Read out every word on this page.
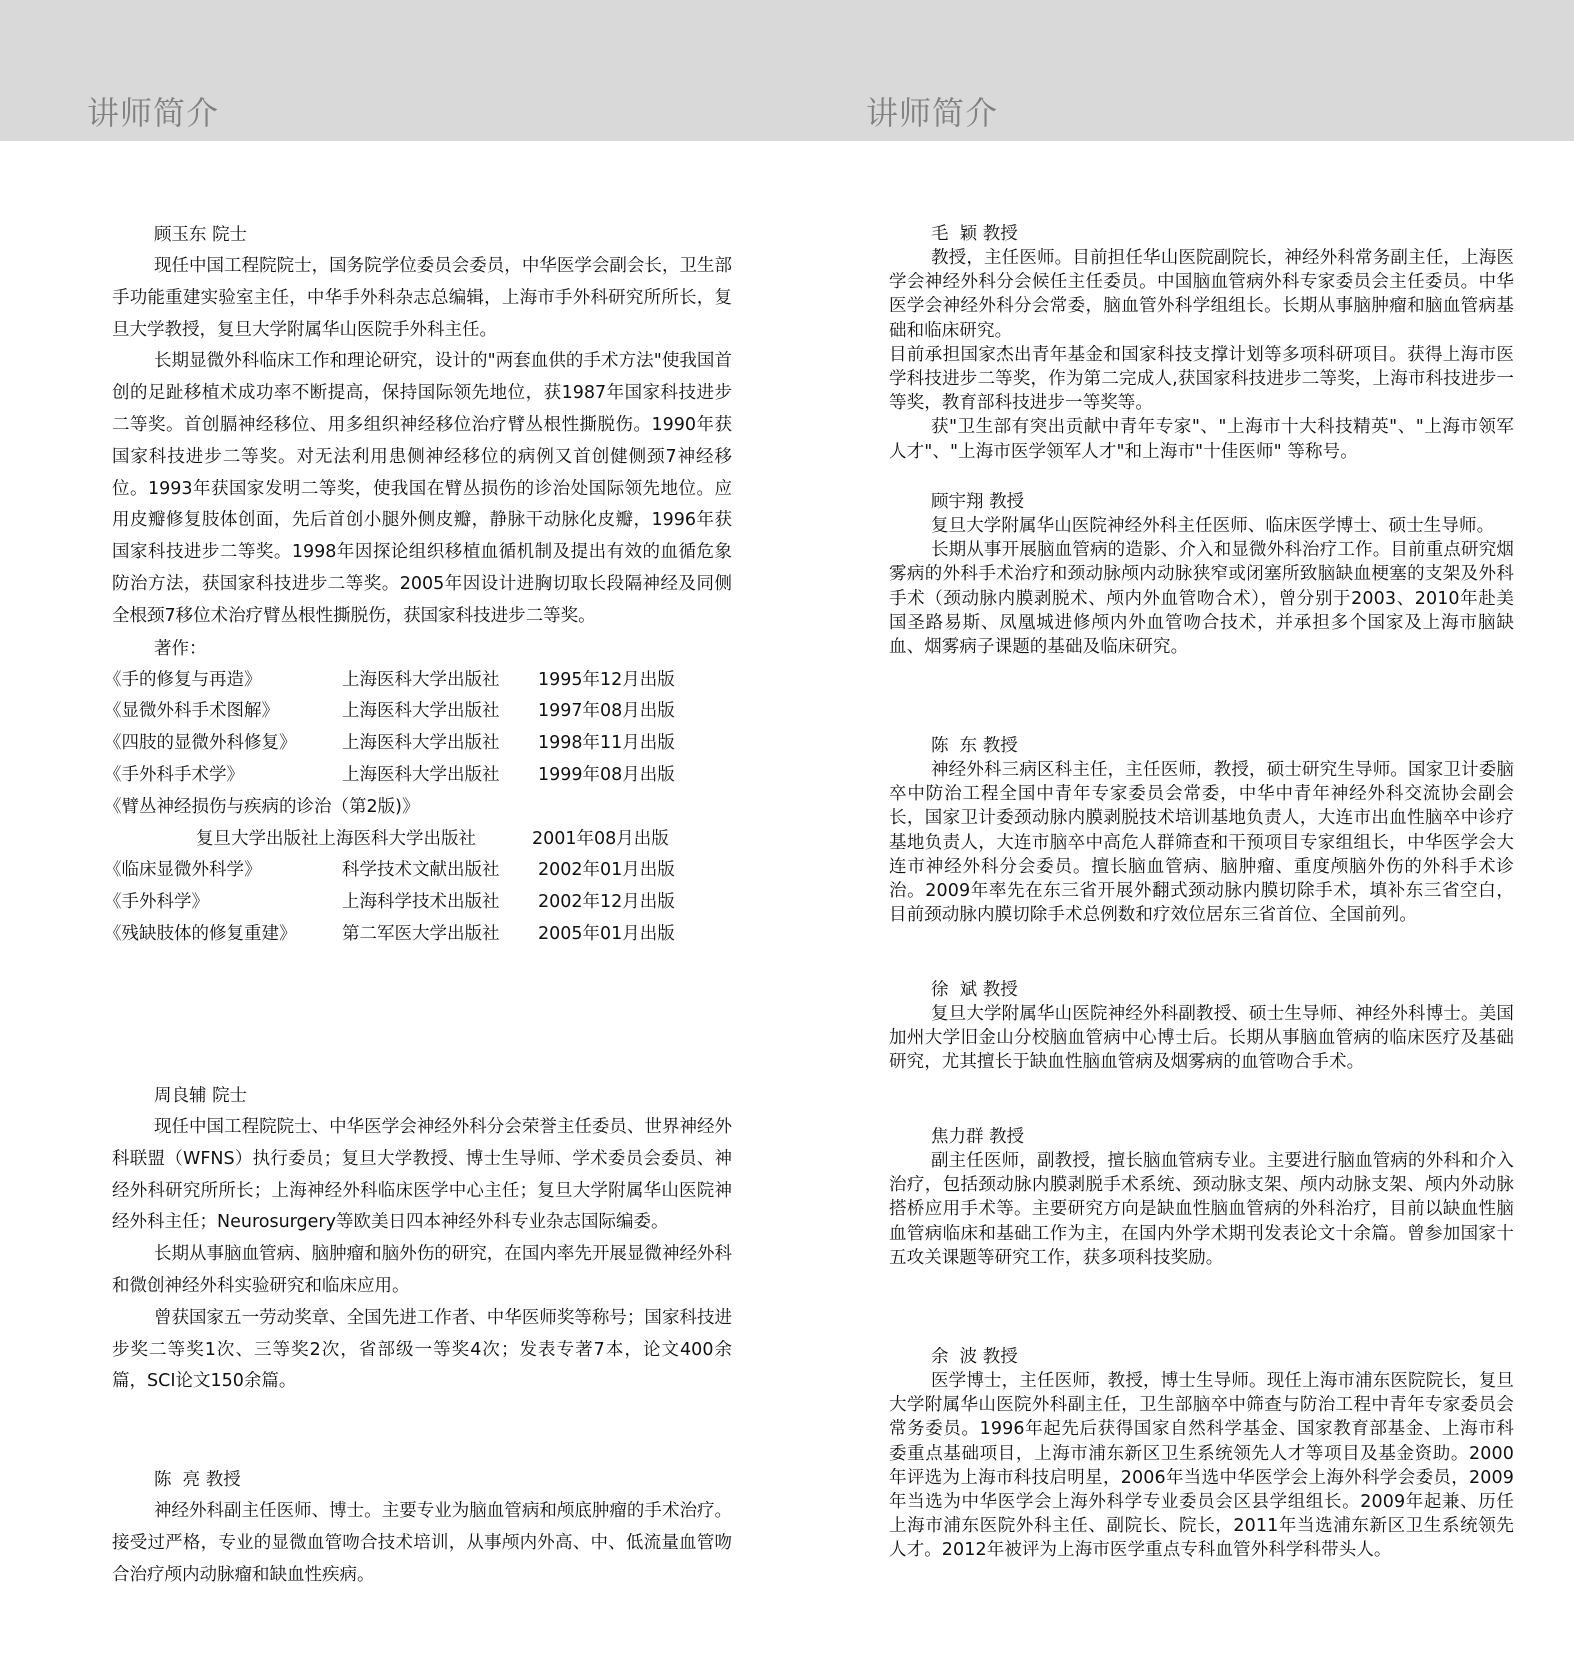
讲师简介	讲师简介
顾玉东 院士

现任中国工程院院士，国务院学位委员会委员，中华医学会副会长，卫生部手功能重建实验室主任，中华手外科杂志总编辑，上海市手外科研究所所长，复旦大学教授，复旦大学附属华山医院手外科主任。

长期显微外科临床工作和理论研究，设计的"两套血供的手术方法"使我国首创的足趾移植术成功率不断提高，保持国际领先地位，获1987年国家科技进步二等奖。首创膈神经移位、用多组织神经移位治疗臂丛根性撕脱伤。1990年获国家科技进步二等奖。对无法利用患侧神经移位的病例又首创健侧颈7神经移位。1993年获国家发明二等奖，使我国在臂丛损伤的诊治处国际领先地位。应用皮瓣修复肢体创面，先后首创小腿外侧皮瓣，静脉干动脉化皮瓣，1996年获国家科技进步二等奖。1998年因探论组织移植血循机制及提出有效的血循危象防治方法，获国家科技进步二等奖。2005年因设计进胸切取长段隔神经及同侧全根颈7移位术治疗臂丛根性撕脱伤，获国家科技进步二等奖。

著作：
《手的修复与再造》	上海医科大学出版社	1995年12月出版
《显微外科手术图解》	上海医科大学出版社	1997年08月出版
《四肢的显微外科修复》	上海医科大学出版社	1998年11月出版
《手外科手术学》	上海医科大学出版社	1999年08月出版
《臂丛神经损伤与疾病的诊治（第2版)》
复旦大学出版社上海医科大学出版社	2001年08月出版
《临床显微外科学》	科学技术文献出版社	2002年01月出版
《手外科学》	上海科学技术出版社	2002年12月出版
《残缺肢体的修复重建》	第二军医大学出版社	2005年01月出版
周良辅 院士

现任中国工程院院士、中华医学会神经外科分会荣誉主任委员、世界神经外科联盟（WFNS）执行委员；复旦大学教授、博士生导师、学术委员会委员、神经外科研究所所长；上海神经外科临床医学中心主任；复旦大学附属华山医院神经外科主任；Neurosurgery等欧美日四本神经外科专业杂志国际编委。

长期从事脑血管病、脑肿瘤和脑外伤的研究，在国内率先开展显微神经外科和微创神经外科实验研究和临床应用。

曾获国家五一劳动奖章、全国先进工作者、中华医师奖等称号；国家科技进步奖二等奖1次、三等奖2次，省部级一等奖4次；发表专著7本，论文400余篇，SCI论文150余篇。

陈  亮 教授

神经外科副主任医师、博士。主要专业为脑血管病和颅底肿瘤的手术治疗。接受过严格，专业的显微血管吻合技术培训，从事颅内外高、中、低流量血管吻合治疗颅内动脉瘤和缺血性疾病。

毛  颖 教授

教授，主任医师。目前担任华山医院副院长，神经外科常务副主任，上海医学会神经外科分会候任主任委员。中国脑血管病外科专家委员会主任委员。中华医学会神经外科分会常委，脑血管外科学组组长。长期从事脑肿瘤和脑血管病基础和临床研究。

目前承担国家杰出青年基金和国家科技支撑计划等多项科研项目。获得上海市医学科技进步二等奖，作为第二完成人,获国家科技进步二等奖，上海市科技进步一等奖，教育部科技进步一等奖等。

获"卫生部有突出贡献中青年专家"、"上海市十大科技精英"、"上海市领军人才"、"上海市医学领军人才"和上海市"十佳医师" 等称号。

顾宇翔 教授

复旦大学附属华山医院神经外科主任医师、临床医学博士、硕士生导师。

长期从事开展脑血管病的造影、介入和显微外科治疗工作。目前重点研究烟雾病的外科手术治疗和颈动脉颅内动脉狭窄或闭塞所致脑缺血梗塞的支架及外科手术（颈动脉内膜剥脱术、颅内外血管吻合术），曾分别于2003、2010年赴美国圣路易斯、凤凰城进修颅内外血管吻合技术，并承担多个国家及上海市脑缺血、烟雾病子课题的基础及临床研究。

陈  东 教授

神经外科三病区科主任，主任医师，教授，硕士研究生导师。国家卫计委脑卒中防治工程全国中青年专家委员会常委，中华中青年神经外科交流协会副会长，国家卫计委颈动脉内膜剥脱技术培训基地负责人，大连市出血性脑卒中诊疗基地负责人，大连市脑卒中高危人群筛查和干预项目专家组组长，中华医学会大连市神经外科分会委员。擅长脑血管病、脑肿瘤、重度颅脑外伤的外科手术诊治。2009年率先在东三省开展外翻式颈动脉内膜切除手术，填补东三省空白，目前颈动脉内膜切除手术总例数和疗效位居东三省首位、全国前列。

徐  斌 教授

复旦大学附属华山医院神经外科副教授、硕士生导师、神经外科博士。美国加州大学旧金山分校脑血管病中心博士后。长期从事脑血管病的临床医疗及基础研究，尤其擅长于缺血性脑血管病及烟雾病的血管吻合手术。

焦力群 教授

副主任医师，副教授，擅长脑血管病专业。主要进行脑血管病的外科和介入治疗，包括颈动脉内膜剥脱手术系统、颈动脉支架、颅内动脉支架、颅内外动脉搭桥应用手术等。主要研究方向是缺血性脑血管病的外科治疗，目前以缺血性脑血管病临床和基础工作为主，在国内外学术期刊发表论文十余篇。曾参加国家十五攻关课题等研究工作，获多项科技奖励。

余  波 教授

医学博士，主任医师，教授，博士生导师。现任上海市浦东医院院长，复旦大学附属华山医院外科副主任，卫生部脑卒中筛查与防治工程中青年专家委员会常务委员。1996年起先后获得国家自然科学基金、国家教育部基金、上海市科委重点基础项目，上海市浦东新区卫生系统领先人才等项目及基金资助。2000年评选为上海市科技启明星，2006年当选中华医学会上海外科学会委员，2009年当选为中华医学会上海外科学专业委员会区县学组组长。2009年起兼、历任上海市浦东医院外科主任、副院长、院长，2011年当选浦东新区卫生系统领先人才。2012年被评为上海市医学重点专科血管外科学科带头人。
